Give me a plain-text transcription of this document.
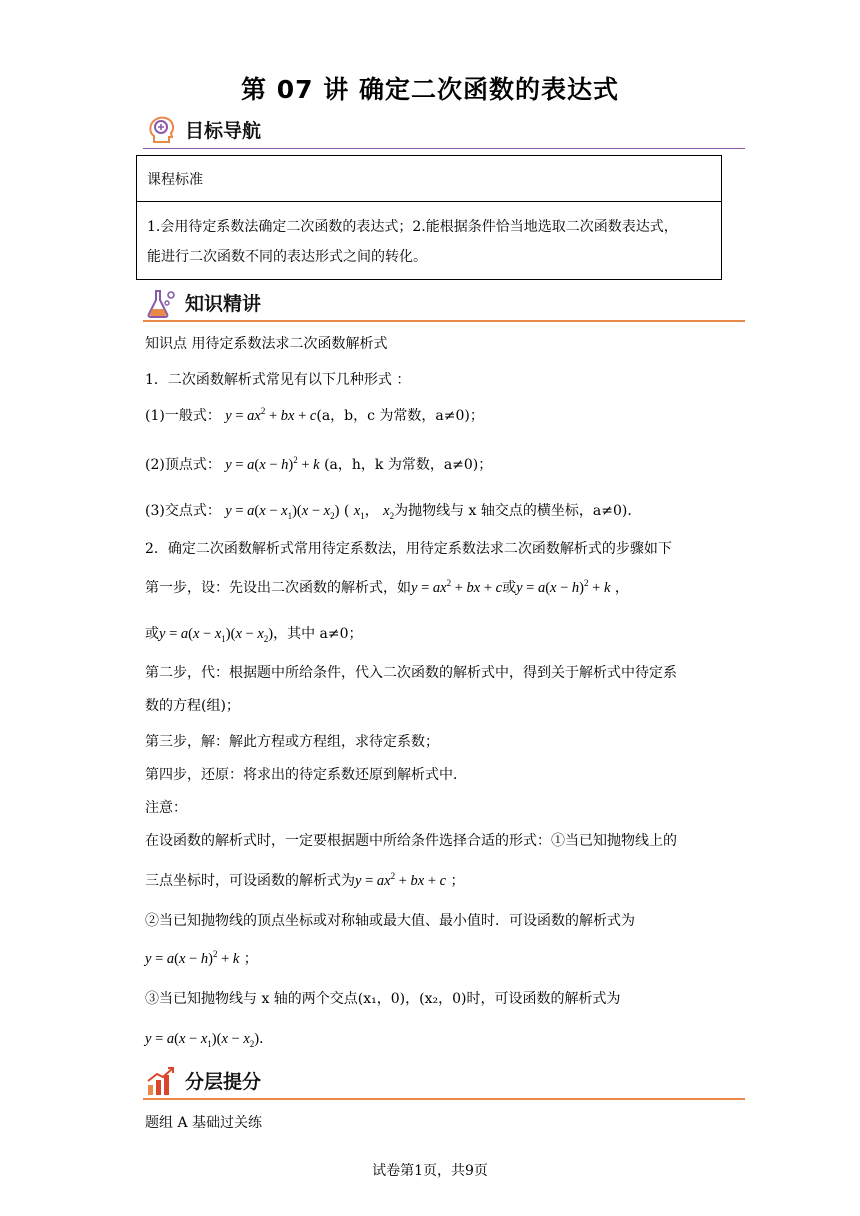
第 07 讲 确定二次函数的表达式
目标导航
课程标准
1.会用待定系数法确定二次函数的表达式；2.能根据条件恰当地选取二次函数表达式，
能进行二次函数不同的表达形式之间的转化。
知识精讲
知识点 用待定系数法求二次函数解析式
1．二次函数解析式常见有以下几种形式 ：
(1)一般式： $y = ax^2$ + bx + c(a，b，c 为常数，a≠0)；
(2)顶点式： $y = a(x - h)^2 + k$ (a，h，k 为常数，a≠0)；
(3)交点式： $y = a(x - x_1)(x - x_2)$ ( $x_1$， $x_2$为抛物线与 x 轴交点的横坐标，a≠0)．
2．确定二次函数解析式常用待定系数法，用待定系数法求二次函数解析式的步骤如下
第一步，设：先设出二次函数的解析式，如$y = ax^2$ + bx + c或$y = a(x - h)^2 + k$ ，
或$y = a(x - x_1)(x - x_2)$，其中 a≠0；
第二步，代：根据题中所给条件，代入二次函数的解析式中，得到关于解析式中待定系
数的方程(组)；
第三步，解：解此方程或方程组，求待定系数；
第四步，还原：将求出的待定系数还原到解析式中．
注意：
在设函数的解析式时，一定要根据题中所给条件选择合适的形式：①当已知抛物线上的
三点坐标时，可设函数的解析式为$y = ax^2$ + bx + c ；
②当已知抛物线的顶点坐标或对称轴或最大值、最小值时．可设函数的解析式为
$y = a(x - h)^2 + k$ ；
③当已知抛物线与 x 轴的两个交点(x₁，0)，(x₂，0)时，可设函数的解析式为
$y = a(x - x_1)(x - x_2)$．
分层提分
题组 A 基础过关练
试卷第1页，共9页
